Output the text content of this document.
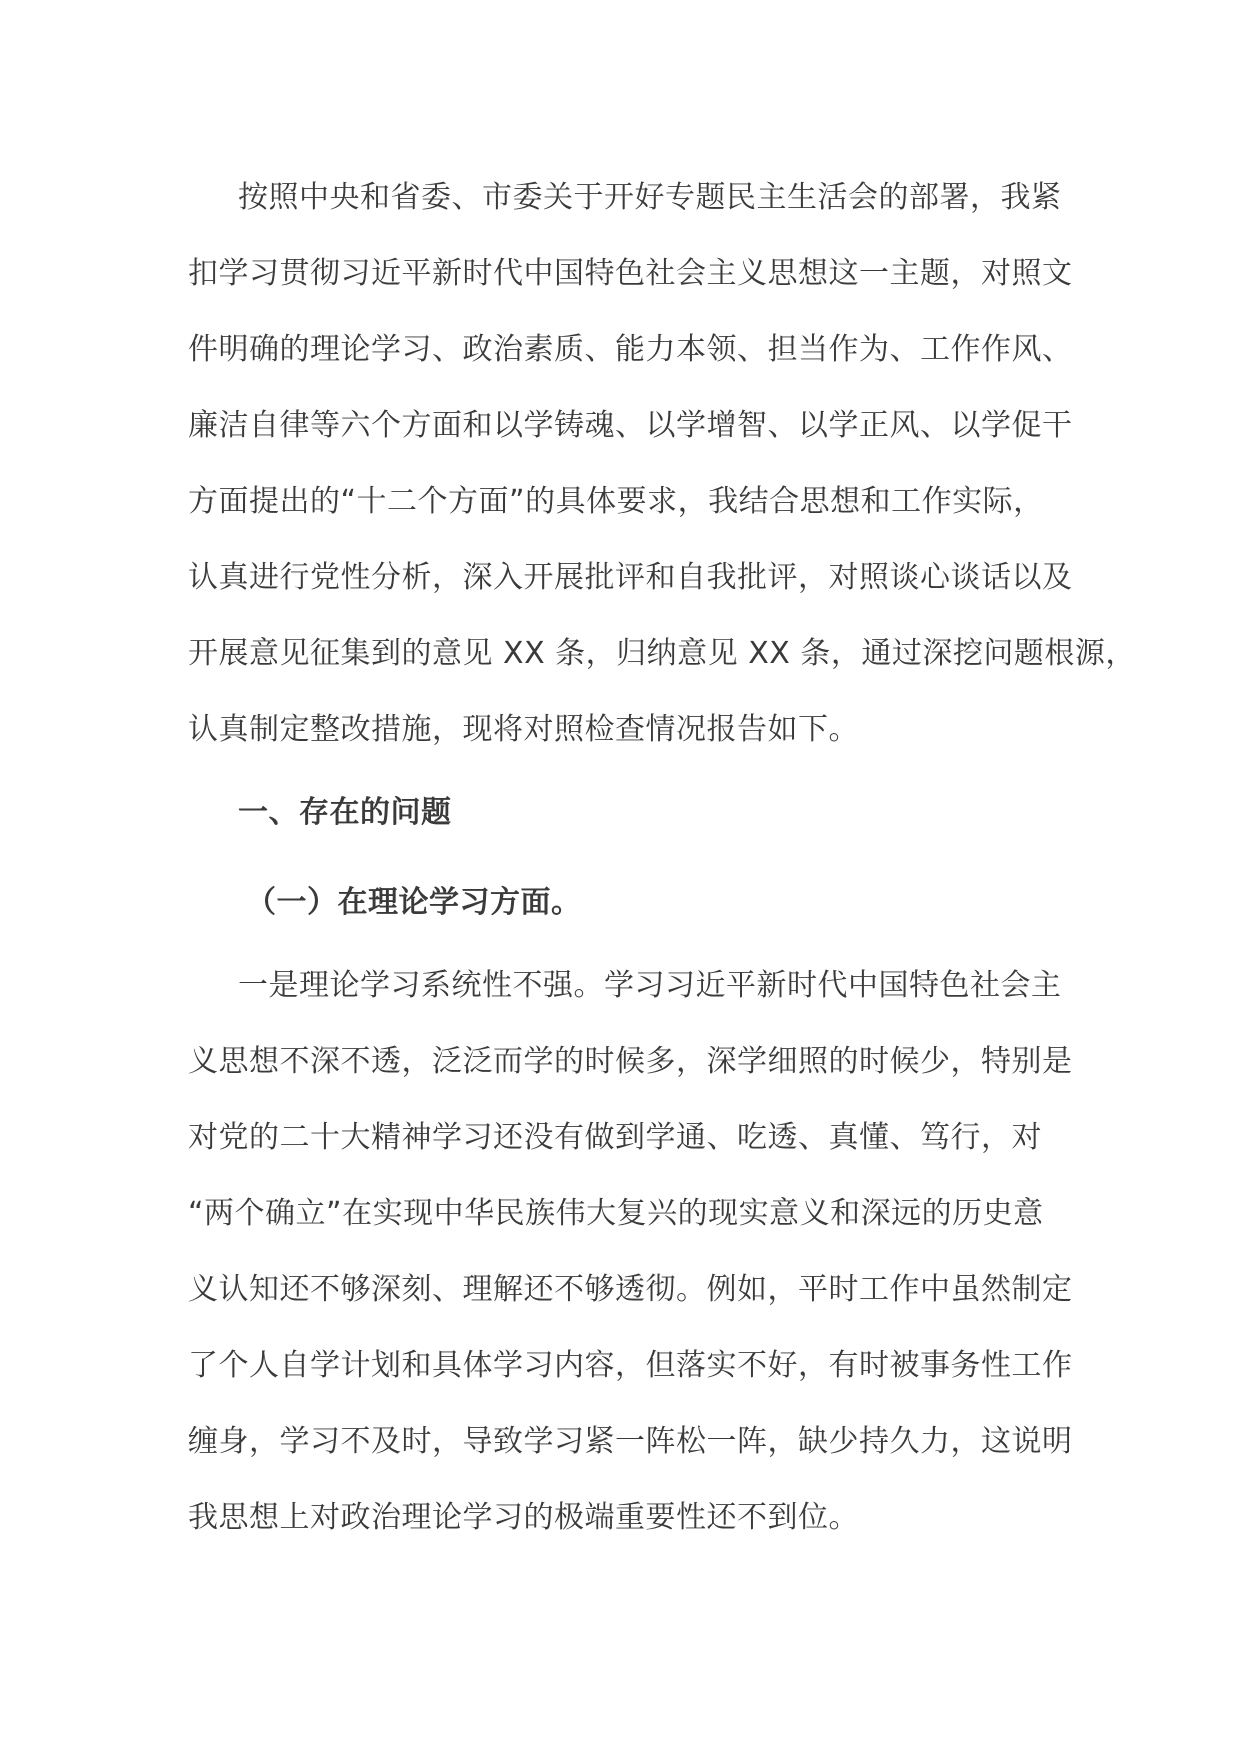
按照中央和省委、市委关于开好专题民主生活会的部署，我紧
扣学习贯彻习近平新时代中国特色社会主义思想这一主题，对照文
件明确的理论学习、政治素质、能力本领、担当作为、工作作风、
廉洁自律等六个方面和以学铸魂、以学增智、以学正风、以学促干
方面提出的“十二个方面”的具体要求，我结合思想和工作实际，
认真进行党性分析，深入开展批评和自我批评，对照谈心谈话以及
开展意见征集到的意见 XX 条，归纳意见 XX 条，通过深挖问题根源，
认真制定整改措施，现将对照检查情况报告如下。
一、存在的问题
（一）在理论学习方面。
一是理论学习系统性不强。学习习近平新时代中国特色社会主
义思想不深不透，泛泛而学的时候多，深学细照的时候少，特别是
对党的二十大精神学习还没有做到学通、吃透、真懂、笃行，对
“两个确立”在实现中华民族伟大复兴的现实意义和深远的历史意
义认知还不够深刻、理解还不够透彻。例如，平时工作中虽然制定
了个人自学计划和具体学习内容，但落实不好，有时被事务性工作
缠身，学习不及时，导致学习紧一阵松一阵，缺少持久力，这说明
我思想上对政治理论学习的极端重要性还不到位。
